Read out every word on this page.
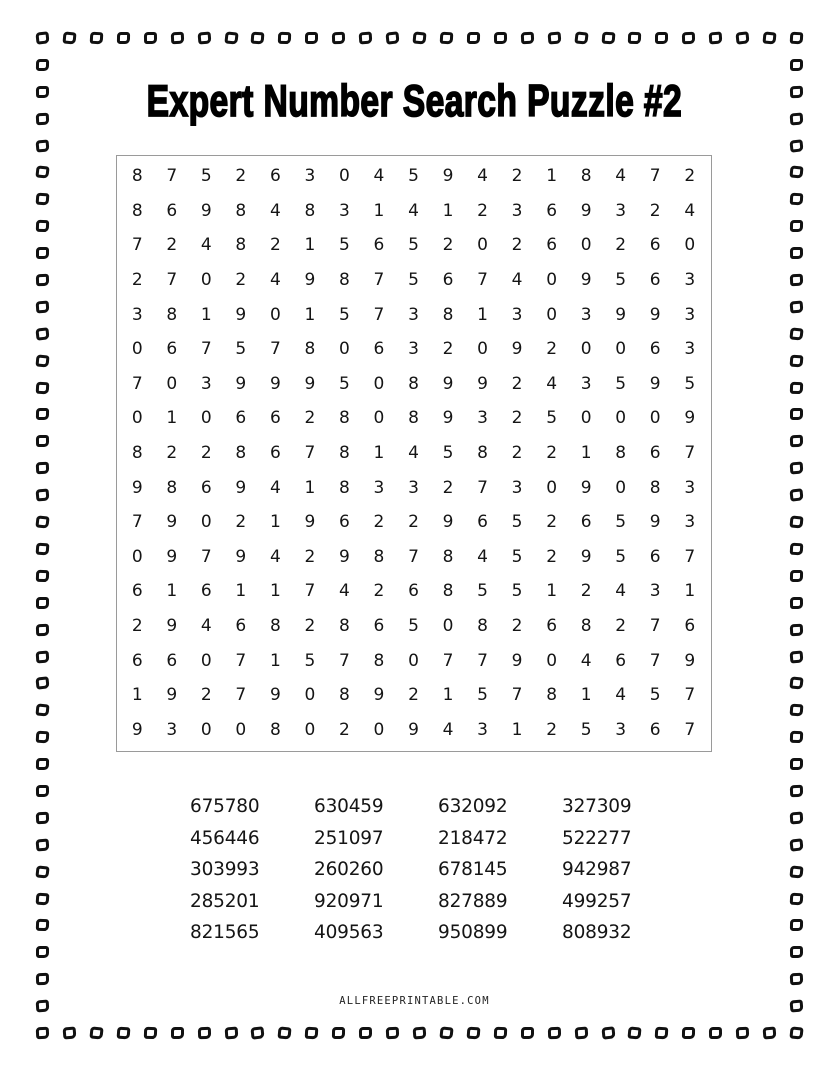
Expert Number Search Puzzle #2
8	7	5	2	6	3	0	4	5	9	4	2	1	8	4	7	2
8	6	9	8	4	8	3	1	4	1	2	3	6	9	3	2	4
7	2	4	8	2	1	5	6	5	2	0	2	6	0	2	6	0
2	7	0	2	4	9	8	7	5	6	7	4	0	9	5	6	3
3	8	1	9	0	1	5	7	3	8	1	3	0	3	9	9	3
0	6	7	5	7	8	0	6	3	2	0	9	2	0	0	6	3
7	0	3	9	9	9	5	0	8	9	9	2	4	3	5	9	5
0	1	0	6	6	2	8	0	8	9	3	2	5	0	0	0	9
8	2	2	8	6	7	8	1	4	5	8	2	2	1	8	6	7
9	8	6	9	4	1	8	3	3	2	7	3	0	9	0	8	3
7	9	0	2	1	9	6	2	2	9	6	5	2	6	5	9	3
0	9	7	9	4	2	9	8	7	8	4	5	2	9	5	6	7
6	1	6	1	1	7	4	2	6	8	5	5	1	2	4	3	1
2	9	4	6	8	2	8	6	5	0	8	2	6	8	2	7	6
6	6	0	7	1	5	7	8	0	7	7	9	0	4	6	7	9
1	9	2	7	9	0	8	9	2	1	5	7	8	1	4	5	7
9	3	0	0	8	0	2	0	9	4	3	1	2	5	3	6	7
675780	630459	632092	327309
456446	251097	218472	522277
303993	260260	678145	942987
285201	920971	827889	499257
821565	409563	950899	808932
ALLFREEPRINTABLE.COM
